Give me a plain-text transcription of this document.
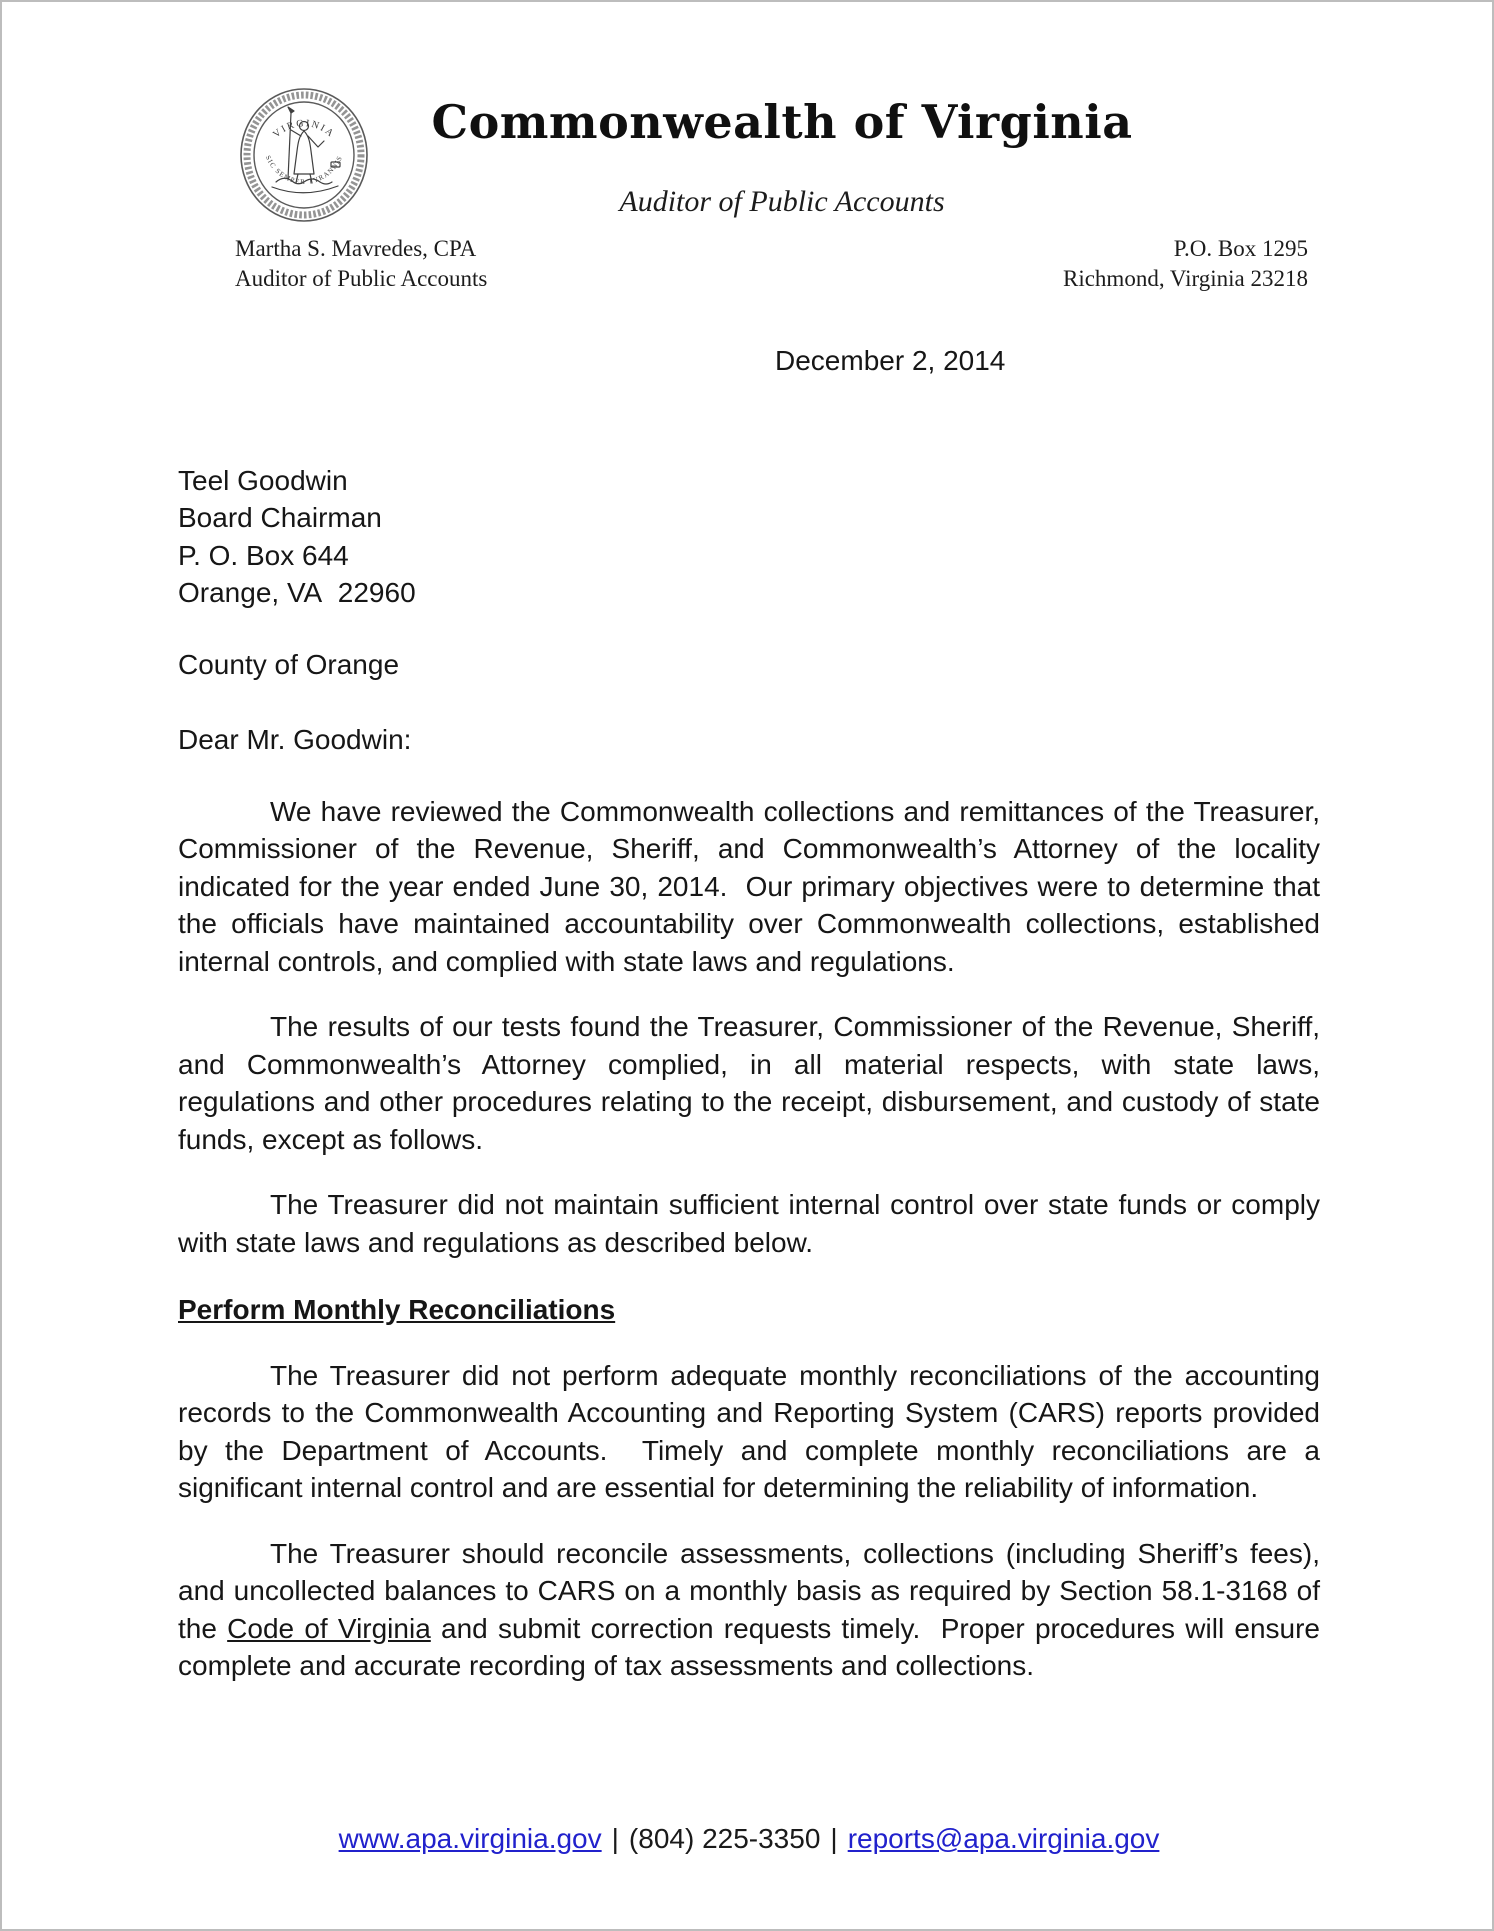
VIRGINIA
SIC SEMPER TYRANNIS
Commonwealth of Virginia
Auditor of Public Accounts
Martha S. Mavredes, CPA
Auditor of Public Accounts
P.O. Box 1295
Richmond, Virginia 23218
December 2, 2014
Teel Goodwin
Board Chairman
P. O. Box 644
Orange, VA  22960
County of Orange
Dear Mr. Goodwin:

We have reviewed the Commonwealth collections and remittances of the Treasurer, Commissioner of the Revenue, Sheriff, and Commonwealth’s Attorney of the locality indicated for the year ended June 30, 2014.  Our primary objectives were to determine that the officials have maintained accountability over Commonwealth collections, established internal controls, and complied with state laws and regulations.

The results of our tests found the Treasurer, Commissioner of the Revenue, Sheriff, and Commonwealth’s Attorney complied, in all material respects, with state laws, regulations and other procedures relating to the receipt, disbursement, and custody of state funds, except as follows.

The Treasurer did not maintain sufficient internal control over state funds or comply with state laws and regulations as described below.

Perform Monthly Reconciliations

The Treasurer did not perform adequate monthly reconciliations of the accounting records to the Commonwealth Accounting and Reporting System (CARS) reports provided by the Department of Accounts.  Timely and complete monthly reconciliations are a significant internal control and are essential for determining the reliability of information.

The Treasurer should reconcile assessments, collections (including Sheriff’s fees), and uncollected balances to CARS on a monthly basis as required by Section 58.1-3168 of the Code of Virginia and submit correction requests timely.  Proper procedures will ensure complete and accurate recording of tax assessments and collections.

www.apa.virginia.gov | (804) 225-3350 | reports@apa.virginia.gov
